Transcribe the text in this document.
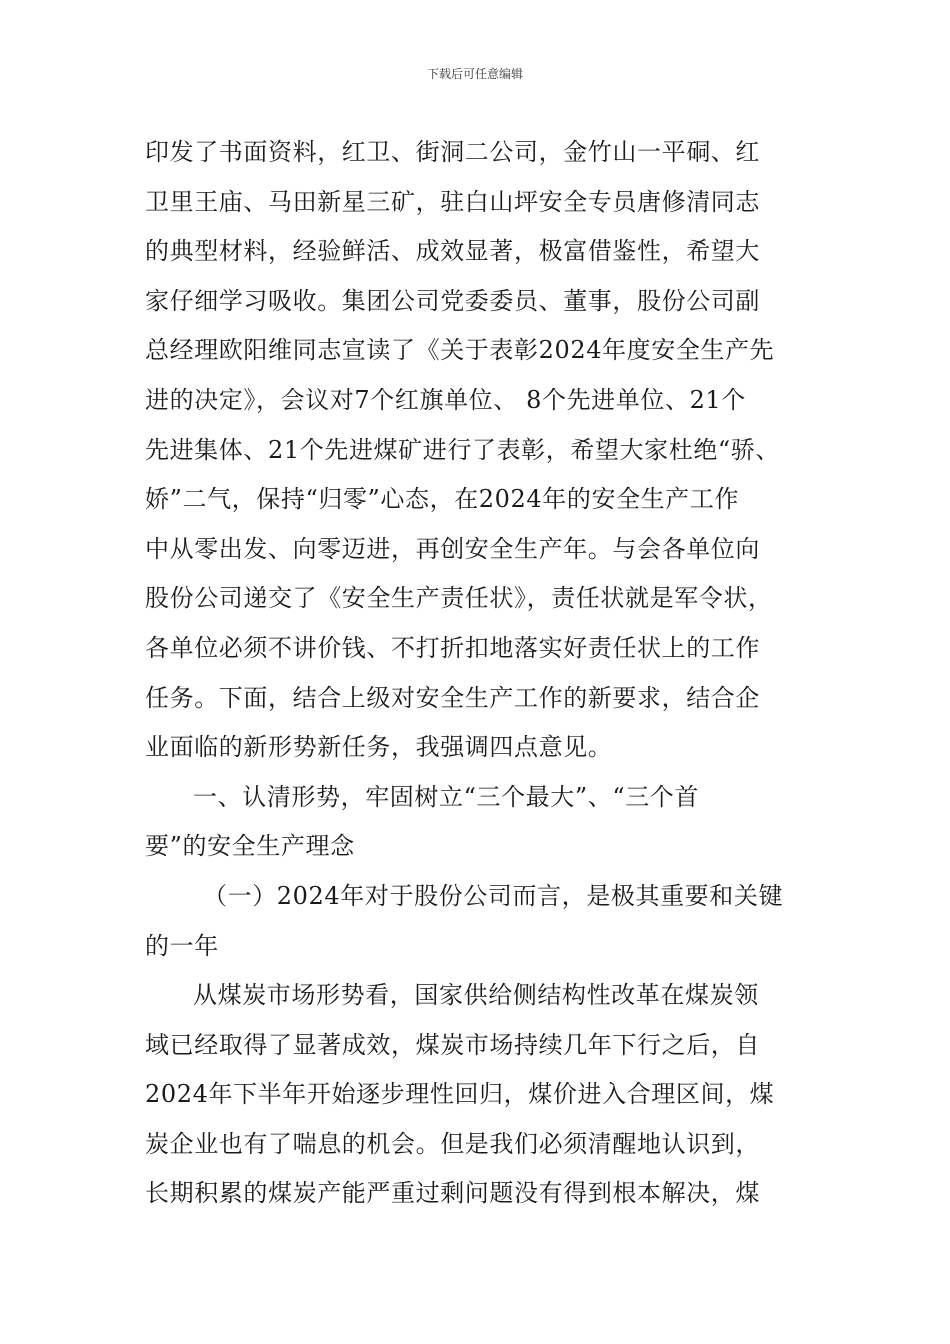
下载后可任意编辑
印发了书面资料，红卫、街洞二公司，金竹山一平硐、红
卫里王庙、马田新星三矿，驻白山坪安全专员唐修清同志
的典型材料，经验鲜活、成效显著，极富借鉴性，希望大
家仔细学习吸收。集团公司党委委员、董事，股份公司副
总经理欧阳维同志宣读了《关于表彰2024年度安全生产先
进的决定》，会议对7个红旗单位、 8个先进单位、21个
先进集体、21个先进煤矿进行了表彰，希望大家杜绝“骄、
娇”二气，保持“归零”心态，在2024年的安全生产工作
中从零出发、向零迈进，再创安全生产年。与会各单位向
股份公司递交了《安全生产责任状》，责任状就是军令状，
各单位必须不讲价钱、不打折扣地落实好责任状上的工作
任务。下面，结合上级对安全生产工作的新要求，结合企
业面临的新形势新任务，我强调四点意见。
一、认清形势，牢固树立“三个最大”、“三个首
要”的安全生产理念
（一）2024年对于股份公司而言，是极其重要和关键
的一年
从煤炭市场形势看，国家供给侧结构性改革在煤炭领
域已经取得了显著成效，煤炭市场持续几年下行之后，自
2024年下半年开始逐步理性回归，煤价进入合理区间，煤
炭企业也有了喘息的机会。但是我们必须清醒地认识到，
长期积累的煤炭产能严重过剩问题没有得到根本解决，煤
